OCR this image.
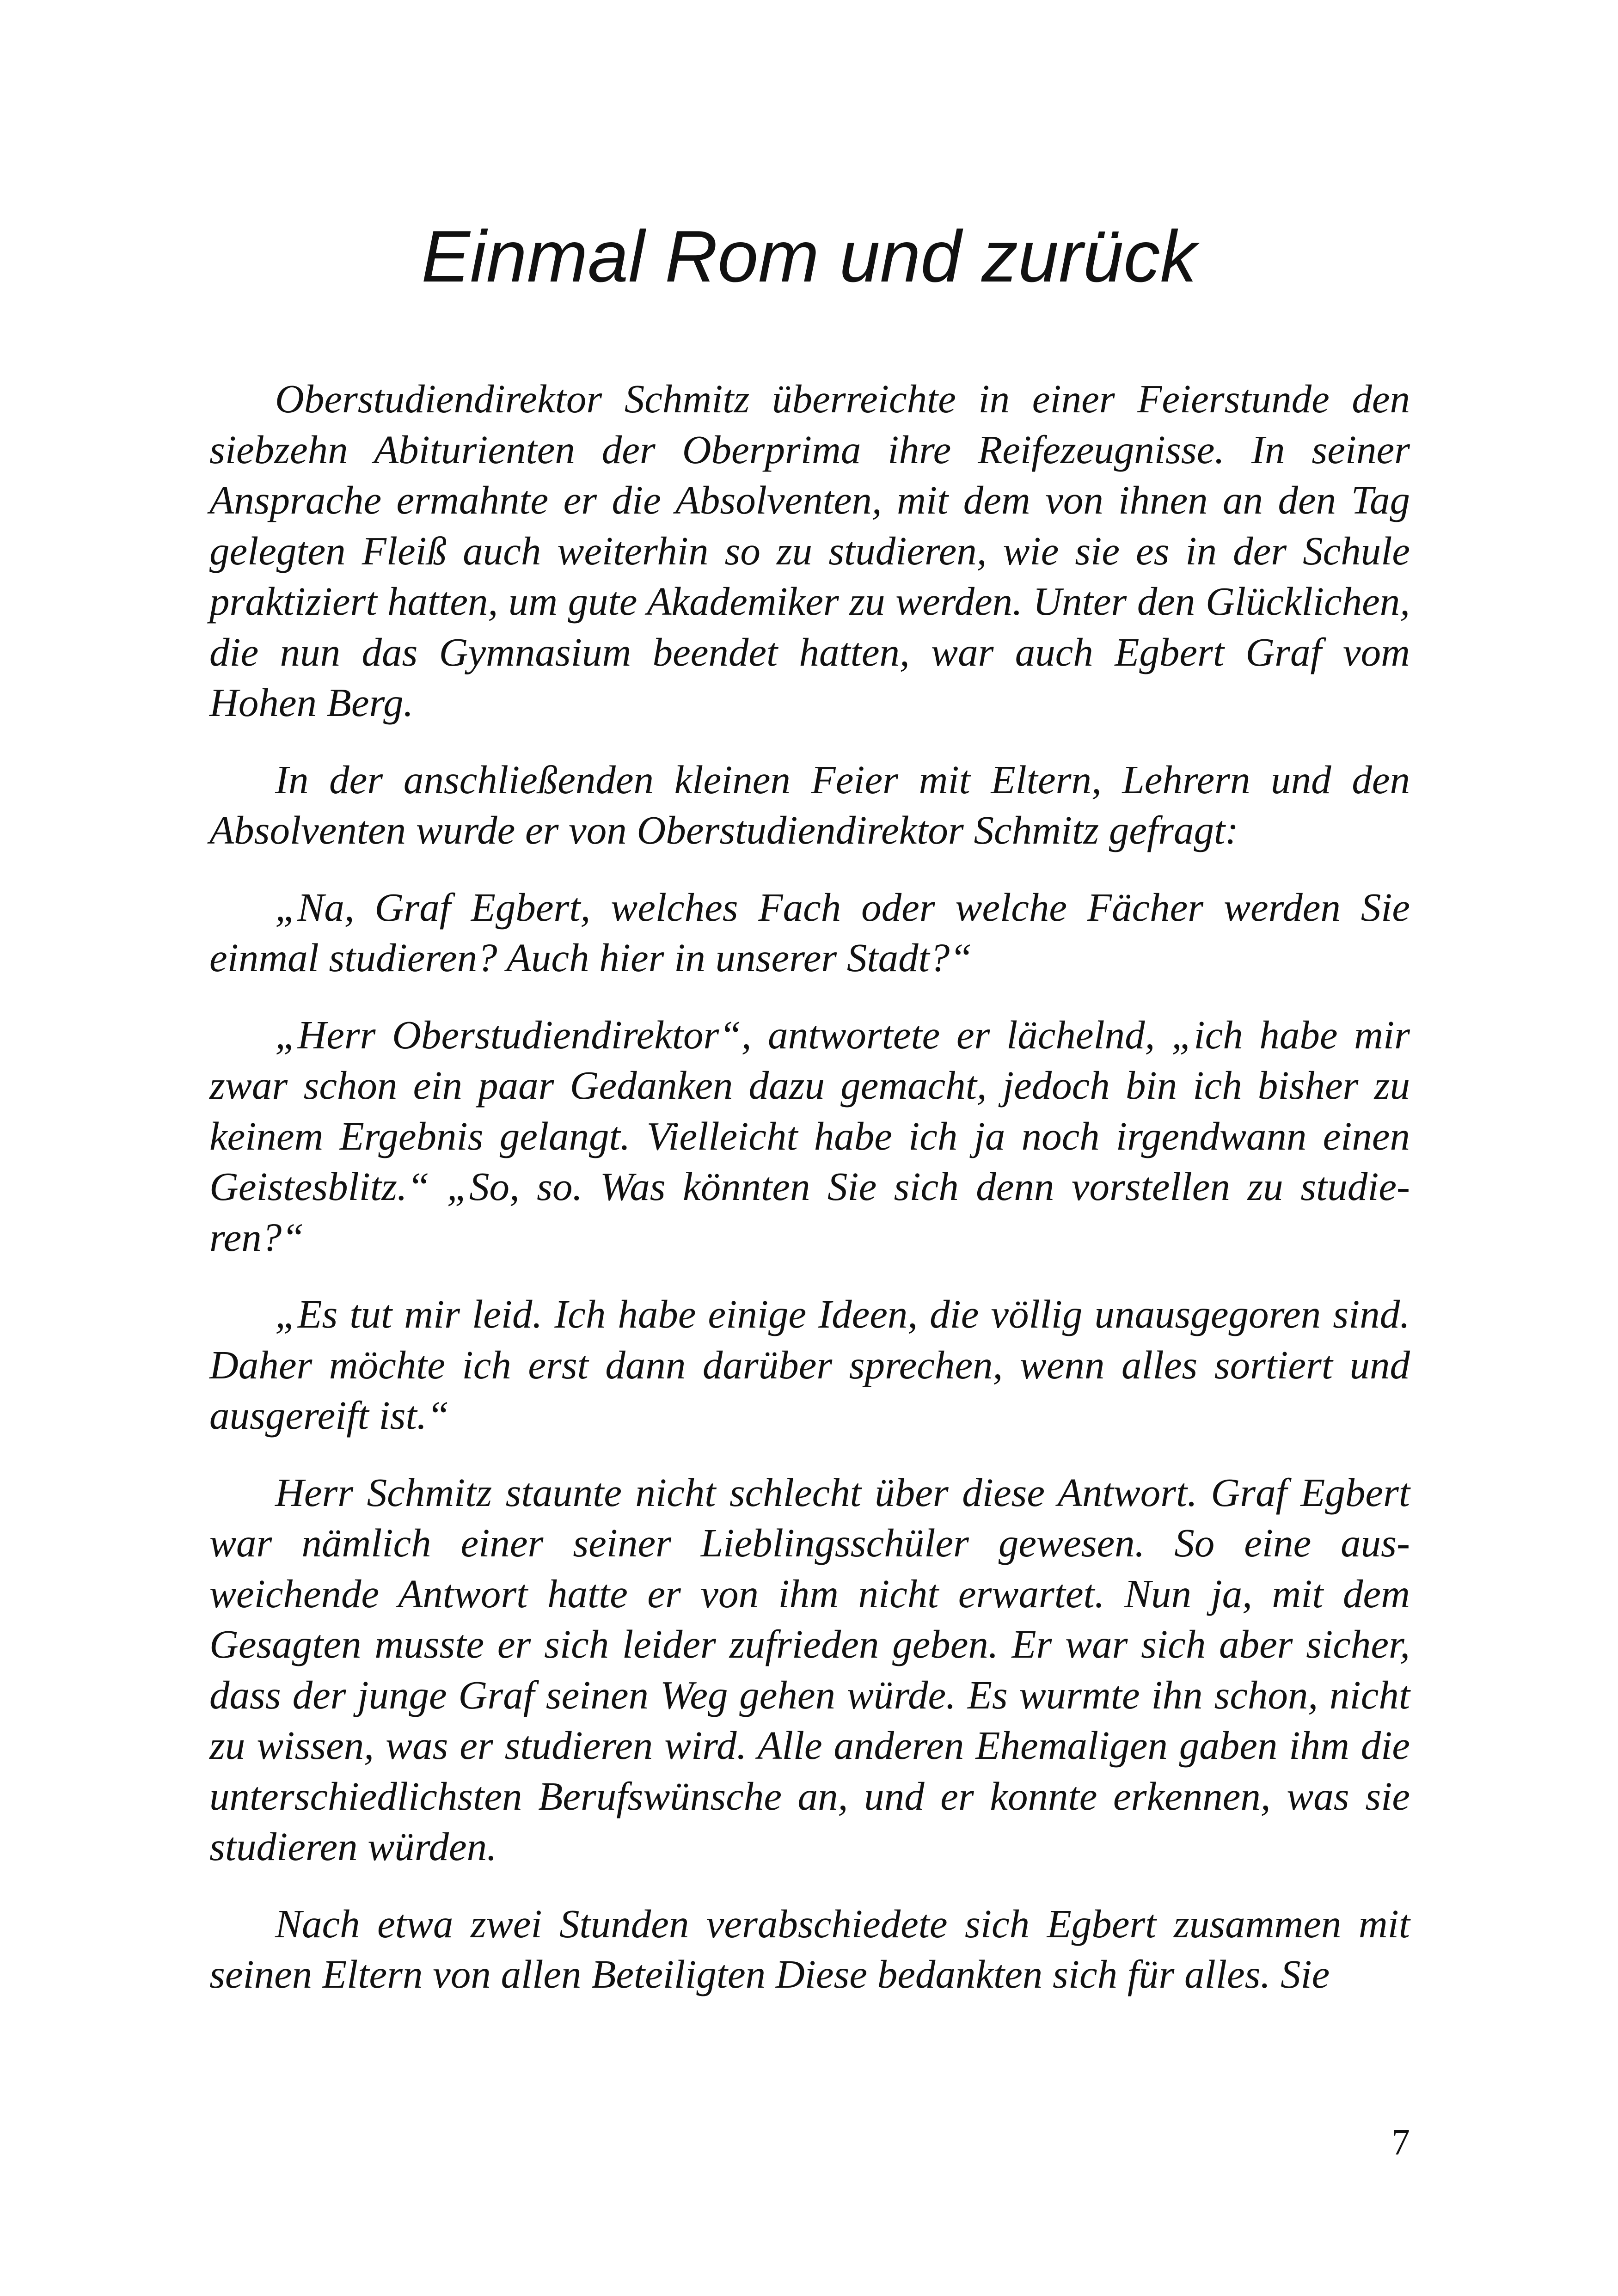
Einmal Rom und zurück

Oberstudiendirektor Schmitz überreichte in einer Feierstunde den siebzehn Abiturienten der Oberprima ihre Reifezeugnisse. In seiner Ansprache ermahnte er die Absolventen, mit dem von ihnen an den Tag gelegten Fleiß auch weiterhin so zu studieren, wie sie es in der Schule praktiziert hatten, um gute Akademiker zu werden. Unter den Glücklichen, die nun das Gymnasium beendet hatten, war auch Egbert Graf vom Hohen Berg.

In der anschließenden kleinen Feier mit Eltern, Lehrern und den Absolventen wurde er von Oberstudiendirektor Schmitz gefragt:

„Na, Graf Egbert, welches Fach oder welche Fächer werden Sie einmal studieren? Auch hier in unserer Stadt?“

„Herr Oberstudiendirektor“, antwortete er lächelnd, „ich habe mir zwar schon ein paar Gedanken dazu gemacht, jedoch bin ich bisher zu keinem Ergebnis gelangt. Vielleicht habe ich ja noch irgendwann einen Geistesblitz.“ „So, so. Was könnten Sie sich denn vorstellen zu studieren?“

„Es tut mir leid. Ich habe einige Ideen, die völlig unausgegoren sind. Daher möchte ich erst dann darüber sprechen, wenn alles sortiert und ausgereift ist.“

Herr Schmitz staunte nicht schlecht über diese Antwort. Graf Egbert war nämlich einer seiner Lieblingsschüler gewesen. So eine ausweichende Antwort hatte er von ihm nicht erwartet. Nun ja, mit dem Gesagten musste er sich leider zufrieden geben. Er war sich aber sicher, dass der junge Graf seinen Weg gehen würde. Es wurmte ihn schon, nicht zu wissen, was er studieren wird. Alle anderen Ehemaligen gaben ihm die unterschiedlichsten Berufswünsche an, und er konnte erkennen, was sie studieren würden.

Nach etwa zwei Stunden verabschiedete sich Egbert zusammen mit seinen Eltern von allen Beteiligten Diese bedankten sich für alles. Sie

7
